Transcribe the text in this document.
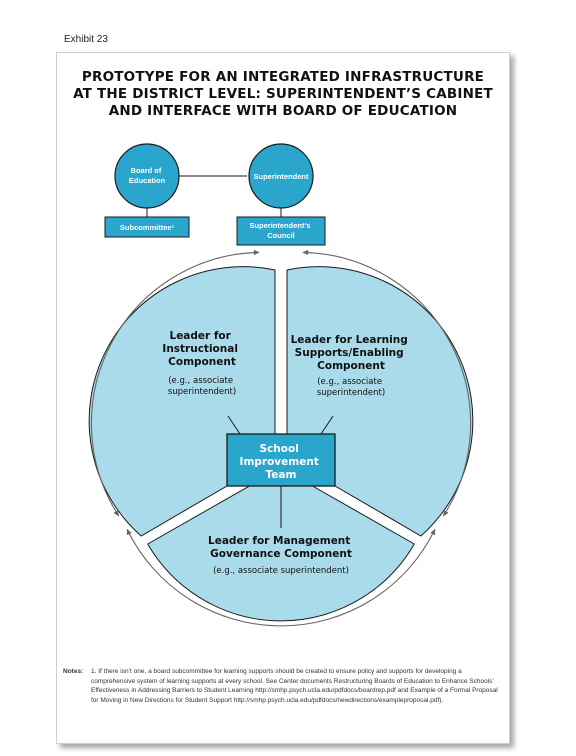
Exhibit 23
PROTOTYPE FOR AN INTEGRATED INFRASTRUCTURE
AT THE DISTRICT LEVEL: SUPERINTENDENT’S CABINET
AND INTERFACE WITH BOARD OF EDUCATION
Board of Education	Superintendent
Subcommittee¹	Superintendent’s Council
Leader for Instructional Component
(e.g., associate superintendent)
Leader for Learning Supports/Enabling Component
(e.g., associate superintendent)
Leader for Management Governance Component
(e.g., associate superintendent)
School Improvement Team
Notes: 1. If there isn’t one, a board subcommittee for learning supports should be created to ensure policy and supports for developing a comprehensive system of learning supports at every school. See Center documents Restructuring Boards of Education to Enhance Schools’ Effectiveness in Addressing Barriers to Student Learning http://smhp.psych.ucla.edu/pdfdocs/boardrep.pdf and Example of a Formal Proposal for Moving in New Directions for Student Support http://smhp.psych.ucla.edu/pdfdocs/newdirections/exampleproposal.pdf).
